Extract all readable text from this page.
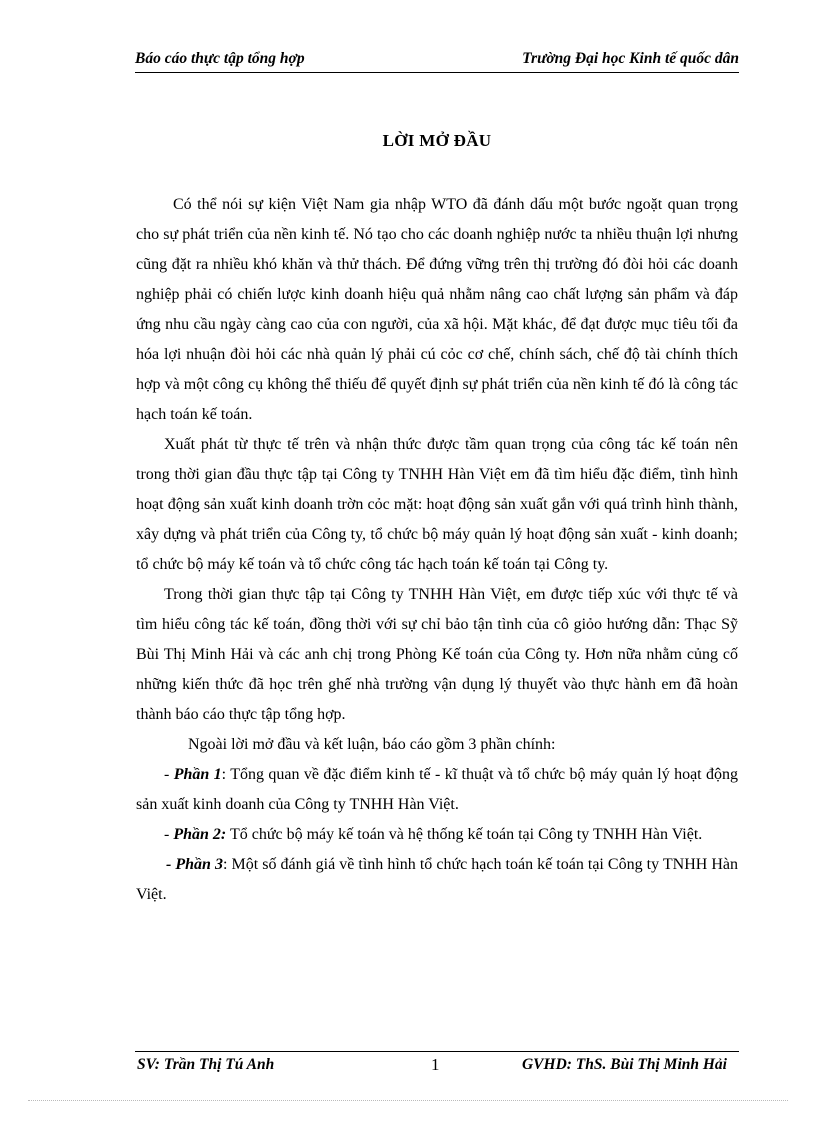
Báo cáo thực tập tổng hợp	Trường Đại học Kinh tế quốc dân
LỜI MỞ ĐẦU

Có thể nói sự kiện Việt Nam gia nhập WTO đã đánh dấu một bước ngoặt quan trọng cho sự phát triển của nền kinh tế. Nó tạo cho các doanh nghiệp nước ta nhiều thuận lợi nhưng cũng đặt ra nhiều khó khăn và thử thách. Để đứng vững trên thị trường đó đòi hỏi các doanh nghiệp phải có chiến lược kinh doanh hiệu quả nhằm nâng cao chất lượng sản phẩm và đáp ứng nhu cầu ngày càng cao của con người, của xã hội. Mặt khác, để đạt được mục tiêu tối đa hóa lợi nhuận đòi hỏi các nhà quản lý phải cú cỏc cơ chế, chính sách, chế độ tài chính thích hợp và một công cụ không thể thiếu để quyết định sự phát triển của nền kinh tế đó là công tác hạch toán kế toán.

Xuất phát từ thực tế trên và nhận thức được tầm quan trọng của công tác kế toán nên trong thời gian đầu thực tập tại Công ty TNHH Hàn Việt em đã tìm hiểu đặc điểm, tình hình hoạt động sản xuất kinh doanh trờn cỏc mặt: hoạt động sản xuất gắn với quá trình hình thành, xây dựng và phát triển của Công ty, tổ chức bộ máy quản lý hoạt động sản xuất - kinh doanh; tổ chức bộ máy kế toán và tổ chức công tác hạch toán kế toán tại Công ty.

Trong thời gian thực tập tại Công ty TNHH Hàn Việt, em được tiếp xúc với thực tế và tìm hiểu công tác kế toán, đồng thời với sự chỉ bảo tận tình của cô giỏo hướng dẫn: Thạc Sỹ Bùi Thị Minh Hải và các anh chị trong Phòng Kế toán của Công ty. Hơn nữa nhằm củng cố những kiến thức đã học trên ghế nhà trường vận dụng lý thuyết vào thực hành em đã hoàn thành báo cáo thực tập tổng hợp.

Ngoài lời mở đầu và kết luận, báo cáo gồm 3 phần chính:

- Phần 1: Tổng quan về đặc điểm kinh tế - kĩ thuật và tổ chức bộ máy quản lý hoạt động sản xuất kinh doanh của Công ty TNHH Hàn Việt.

- Phần 2: Tổ chức bộ máy kế toán và hệ thống kế toán tại Công ty TNHH Hàn Việt.

- Phần 3: Một số đánh giá về tình hình tổ chức hạch toán kế toán tại Công ty TNHH Hàn Việt.

SV: Trần Thị Tú Anh	1	GVHD: ThS. Bùi Thị Minh Hải
